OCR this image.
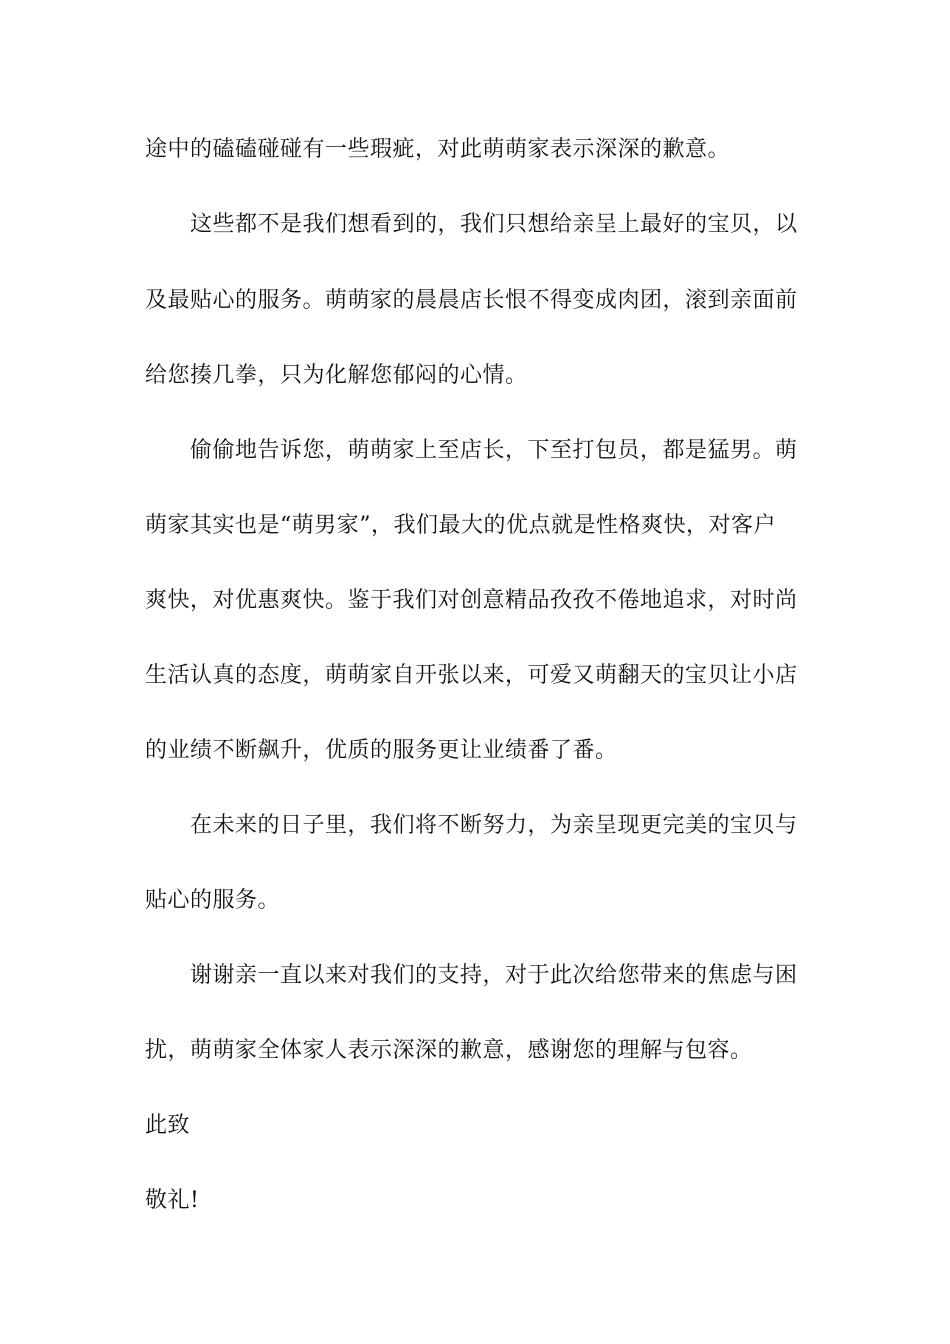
途中的磕磕碰碰有一些瑕疵，对此萌萌家表示深深的歉意。
这些都不是我们想看到的，我们只想给亲呈上最好的宝贝，以
及最贴心的服务。萌萌家的晨晨店长恨不得变成肉团，滚到亲面前
给您揍几拳，只为化解您郁闷的心情。
偷偷地告诉您，萌萌家上至店长，下至打包员，都是猛男。萌
萌家其实也是“萌男家”，我们最大的优点就是性格爽快，对客户
爽快，对优惠爽快。鉴于我们对创意精品孜孜不倦地追求，对时尚
生活认真的态度，萌萌家自开张以来，可爱又萌翻天的宝贝让小店
的业绩不断飙升，优质的服务更让业绩番了番。
在未来的日子里，我们将不断努力，为亲呈现更完美的宝贝与
贴心的服务。
谢谢亲一直以来对我们的支持，对于此次给您带来的焦虑与困
扰，萌萌家全体家人表示深深的歉意，感谢您的理解与包容。
此致
敬礼!
